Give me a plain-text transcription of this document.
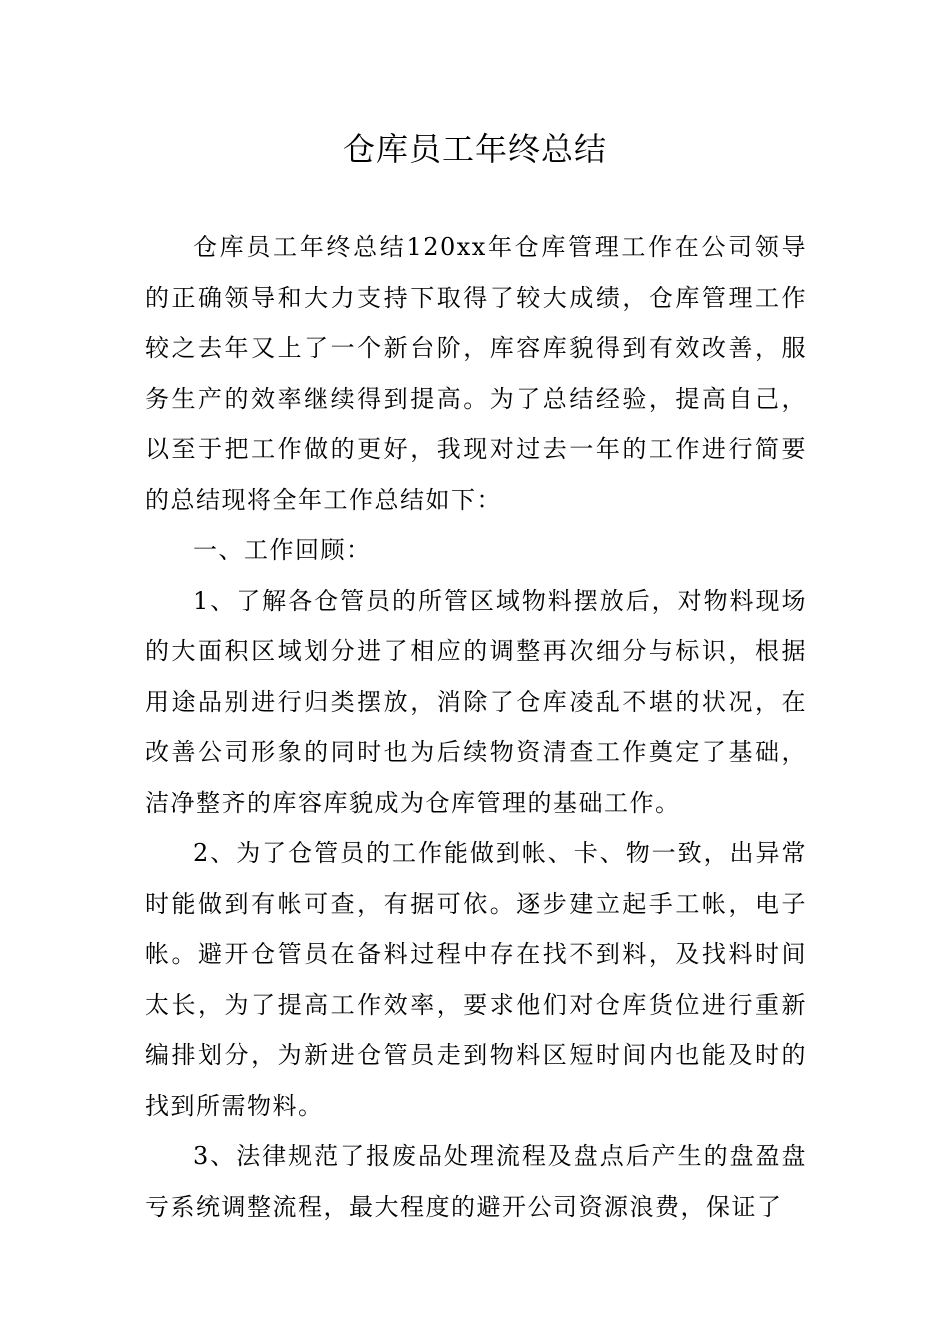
仓库员工年终总结

仓库员工年终总结120xx年仓库管理工作在公司领导的正确领导和大力支持下取得了较大成绩，仓库管理工作较之去年又上了一个新台阶，库容库貌得到有效改善，服务生产的效率继续得到提高。为了总结经验，提高自己，以至于把工作做的更好，我现对过去一年的工作进行简要的总结现将全年工作总结如下：

一、工作回顾：

1、了解各仓管员的所管区域物料摆放后，对物料现场的大面积区域划分进了相应的调整再次细分与标识，根据用途品别进行归类摆放，消除了仓库凌乱不堪的状况，在改善公司形象的同时也为后续物资清查工作奠定了基础，洁净整齐的库容库貌成为仓库管理的基础工作。

2、为了仓管员的工作能做到帐、卡、物一致，出异常时能做到有帐可查，有据可依。逐步建立起手工帐，电子帐。避开仓管员在备料过程中存在找不到料，及找料时间太长，为了提高工作效率，要求他们对仓库货位进行重新编排划分，为新进仓管员走到物料区短时间内也能及时的找到所需物料。

3、法律规范了报废品处理流程及盘点后产生的盘盈盘亏系统调整流程，最大程度的避开公司资源浪费，保证了
